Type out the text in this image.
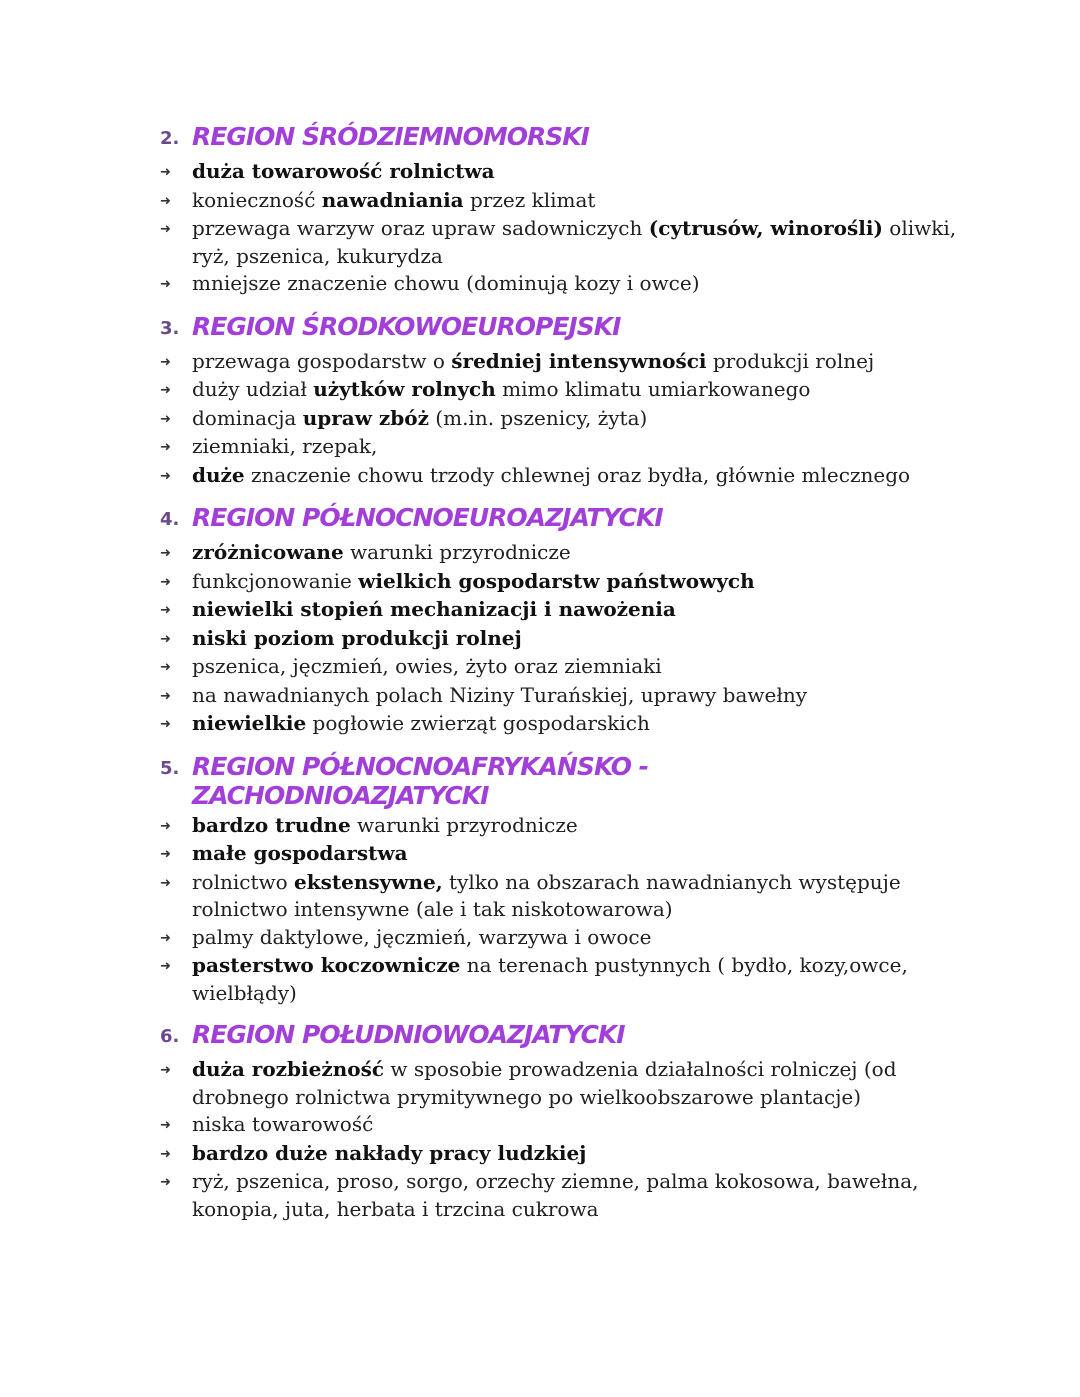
2. REGION ŚRÓDZIEMNOMORSKI
➜	duża towarowość rolnictwa
➜	konieczność nawadniania przez klimat
➜	przewaga warzyw oraz upraw sadowniczych (cytrusów, winorośli) oliwki, ryż, pszenica, kukurydza
➜	mniejsze znaczenie chowu (dominują kozy i owce)
3. REGION ŚRODKOWOEUROPEJSKI
➜	przewaga gospodarstw o średniej intensywności produkcji rolnej
➜	duży udział użytków rolnych mimo klimatu umiarkowanego
➜	dominacja upraw zbóż (m.in. pszenicy, żyta)
➜	ziemniaki, rzepak,
➜	duże znaczenie chowu trzody chlewnej oraz bydła, głównie mlecznego
4. REGION PÓŁNOCNOEUROAZJATYCKI
➜	zróżnicowane warunki przyrodnicze
➜	funkcjonowanie wielkich gospodarstw państwowych
➜	niewielki stopień mechanizacji i nawożenia
➜	niski poziom produkcji rolnej
➜	pszenica, jęczmień, owies, żyto oraz ziemniaki
➜	na nawadnianych polach Niziny Turańskiej, uprawy bawełny
➜	niewielkie pogłowie zwierząt gospodarskich
5. REGION PÓŁNOCNOAFRYKAŃSKO - ZACHODNIOAZJATYCKI
➜	bardzo trudne warunki przyrodnicze
➜	małe gospodarstwa
➜	rolnictwo ekstensywne, tylko na obszarach nawadnianych występuje rolnictwo intensywne (ale i tak niskotowarowa)
➜	palmy daktylowe, jęczmień, warzywa i owoce
➜	pasterstwo koczownicze na terenach pustynnych ( bydło, kozy,owce, wielbłądy)
6. REGION POŁUDNIOWOAZJATYCKI
➜	duża rozbieżność w sposobie prowadzenia działalności rolniczej (od drobnego rolnictwa prymitywnego po wielkoobszarowe plantacje)
➜	niska towarowość
➜	bardzo duże nakłady pracy ludzkiej
➜	ryż, pszenica, proso, sorgo, orzechy ziemne, palma kokosowa, bawełna, konopia, juta, herbata i trzcina cukrowa
